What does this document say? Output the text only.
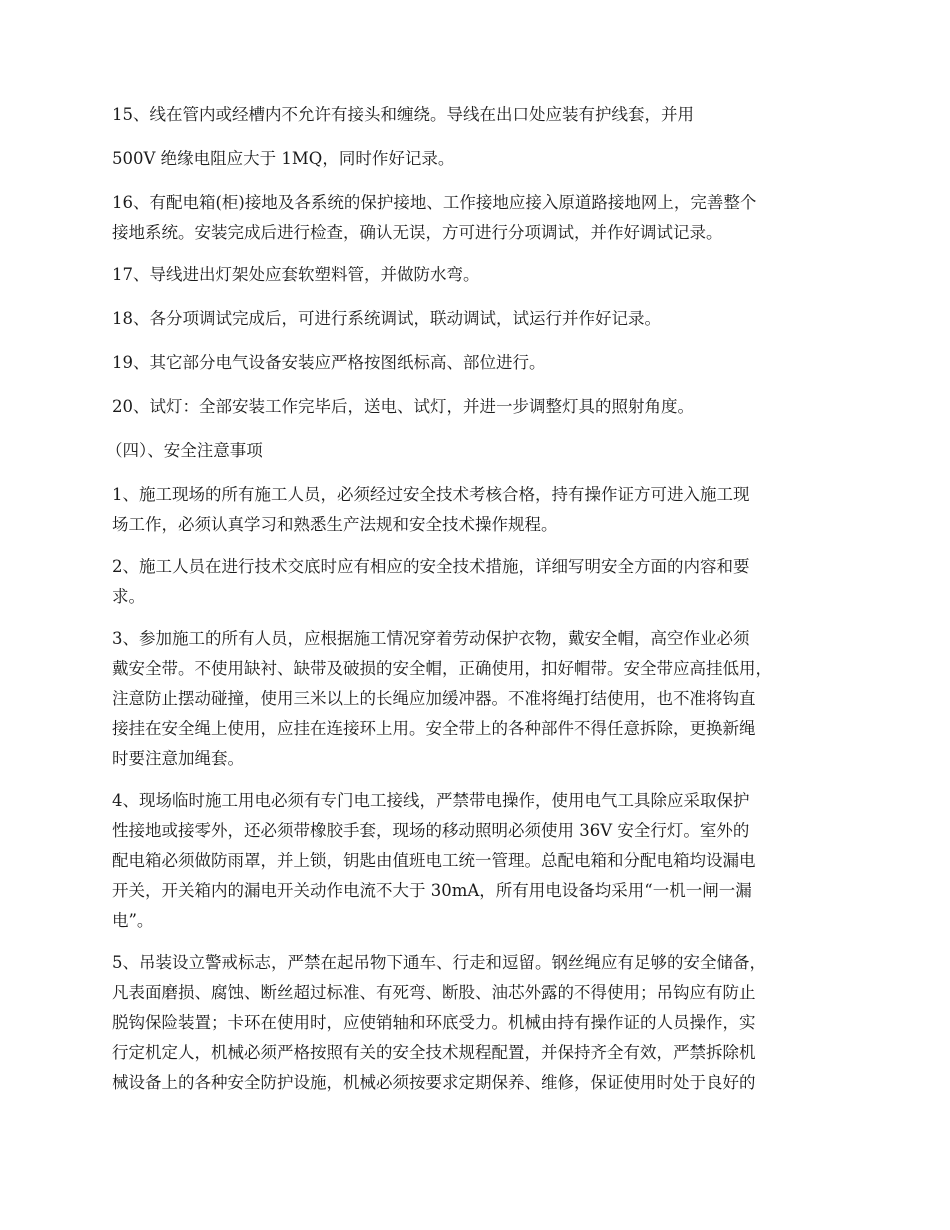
15、线在管内或经槽内不允许有接头和缠绕。导线在出口处应装有护线套，并用
500V 绝缘电阻应大于 1MQ，同时作好记录。
16、有配电箱(柜)接地及各系统的保护接地、工作接地应接入原道路接地网上，完善整个
接地系统。安装完成后进行检查，确认无误，方可进行分项调试，并作好调试记录。
17、导线进出灯架处应套软塑料管，并做防水弯。
18、各分项调试完成后，可进行系统调试，联动调试，试运行并作好记录。
19、其它部分电气设备安装应严格按图纸标高、部位进行。
20、试灯：全部安装工作完毕后，送电、试灯，并进一步调整灯具的照射角度。
（四）、安全注意事项
1、施工现场的所有施工人员，必须经过安全技术考核合格，持有操作证方可进入施工现
场工作，必须认真学习和熟悉生产法规和安全技术操作规程。
2、施工人员在进行技术交底时应有相应的安全技术措施，详细写明安全方面的内容和要
求。
3、参加施工的所有人员，应根据施工情况穿着劳动保护衣物，戴安全帽，高空作业必须
戴安全带。不使用缺衬、缺带及破损的安全帽，正确使用，扣好帽带。安全带应高挂低用，
注意防止摆动碰撞，使用三米以上的长绳应加缓冲器。不准将绳打结使用，也不准将钩直
接挂在安全绳上使用，应挂在连接环上用。安全带上的各种部件不得任意拆除，更换新绳
时要注意加绳套。
4、现场临时施工用电必须有专门电工接线，严禁带电操作，使用电气工具除应采取保护
性接地或接零外，还必须带橡胶手套，现场的移动照明必须使用 36V 安全行灯。室外的
配电箱必须做防雨罩，并上锁，钥匙由值班电工统一管理。总配电箱和分配电箱均设漏电
开关，开关箱内的漏电开关动作电流不大于 30mA，所有用电设备均采用“一机一闸一漏
电”。
5、吊装设立警戒标志，严禁在起吊物下通车、行走和逗留。钢丝绳应有足够的安全储备，
凡表面磨损、腐蚀、断丝超过标准、有死弯、断股、油芯外露的不得使用；吊钩应有防止
脱钩保险装置；卡环在使用时，应使销轴和环底受力。机械由持有操作证的人员操作，实
行定机定人，机械必须严格按照有关的安全技术规程配置，并保持齐全有效，严禁拆除机
械设备上的各种安全防护设施，机械必须按要求定期保养、维修，保证使用时处于良好的
